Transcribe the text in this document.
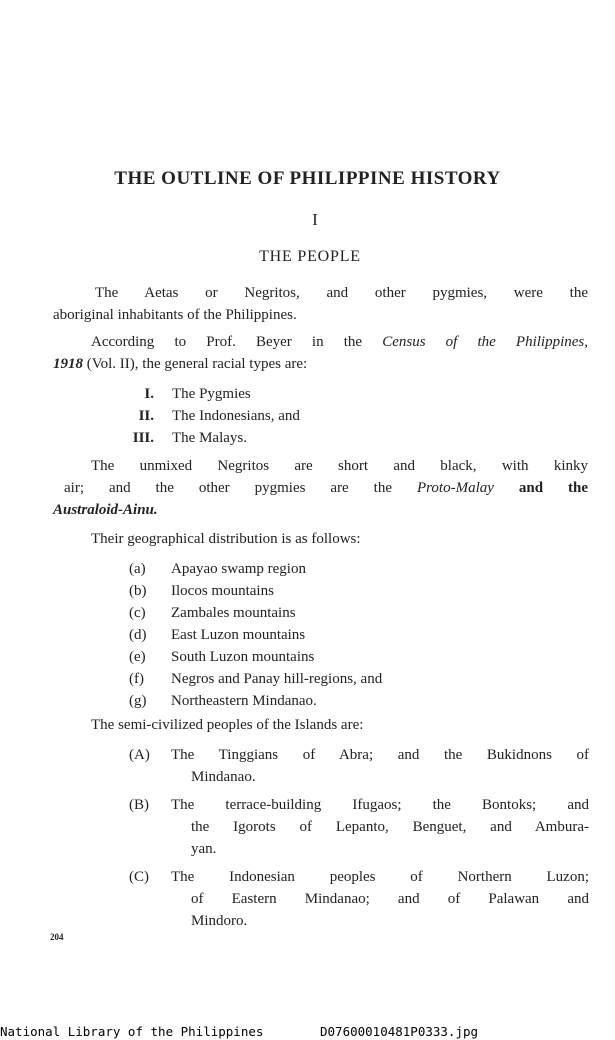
THE OUTLINE OF PHILIPPINE HISTORY
I
THE PEOPLE
The Aetas or Negritos, and other pygmies, were the
aboriginal inhabitants of the Philippines.
According to Prof. Beyer in the Census of the Philippines,
1918 (Vol. II), the general racial types are:
I. The Pygmies
II. The Indonesians, and
III. The Malays.
The unmixed Negritos are short and black, with kinky
air; and the other pygmies are the Proto-Malay and the
Australoid-Ainu.
Their geographical distribution is as follows:
(a) Apayao swamp region
(b) Ilocos mountains
(c) Zambales mountains
(d) East Luzon mountains
(e) South Luzon mountains
(f) Negros and Panay hill-regions, and
(g) Northeastern Mindanao.
The semi-civilized peoples of the Islands are:
(A) The Tinggians of Abra; and the Bukidnons of
Mindanao.
(B) The terrace-building Ifugaos; the Bontoks; and
the Igorots of Lepanto, Benguet, and Ambura-
yan.
(C) The Indonesian peoples of Northern Luzon;
of Eastern Mindanao; and of Palawan and
Mindoro.
204
National Library of the Philippines	D07600010481P0333.jpg
